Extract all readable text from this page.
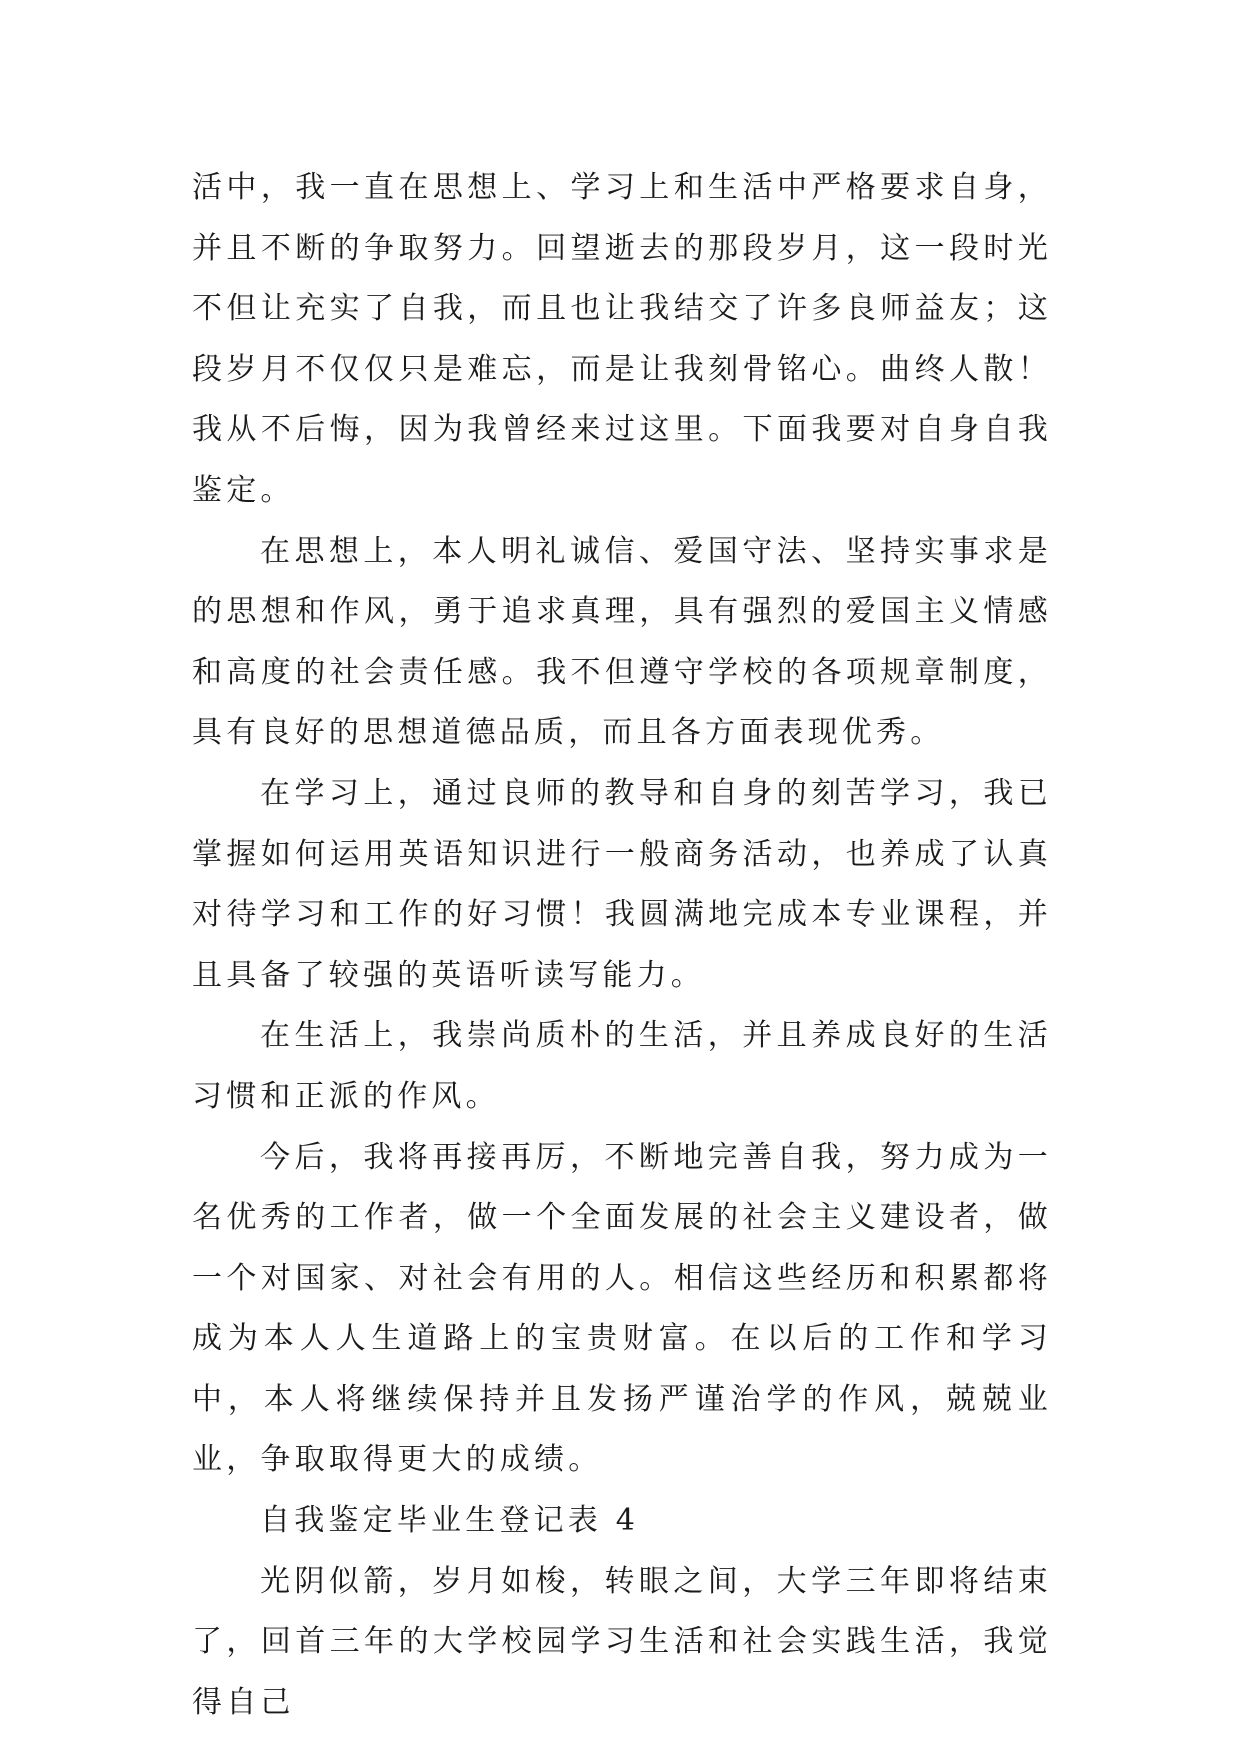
活中，我一直在思想上、学习上和生活中严格要求自身，并且不断的争取努力。回望逝去的那段岁月，这一段时光不但让充实了自我，而且也让我结交了许多良师益友；这段岁月不仅仅只是难忘，而是让我刻骨铭心。曲终人散！我从不后悔，因为我曾经来过这里。下面我要对自身自我鉴定。

在思想上，本人明礼诚信、爱国守法、坚持实事求是的思想和作风，勇于追求真理，具有强烈的爱国主义情感和高度的社会责任感。我不但遵守学校的各项规章制度，具有良好的思想道德品质，而且各方面表现优秀。

在学习上，通过良师的教导和自身的刻苦学习，我已掌握如何运用英语知识进行一般商务活动，也养成了认真对待学习和工作的好习惯！我圆满地完成本专业课程，并且具备了较强的英语听读写能力。

在生活上，我崇尚质朴的生活，并且养成良好的生活习惯和正派的作风。

今后，我将再接再厉，不断地完善自我，努力成为一名优秀的工作者，做一个全面发展的社会主义建设者，做一个对国家、对社会有用的人。相信这些经历和积累都将成为本人人生道路上的宝贵财富。在以后的工作和学习中，本人将继续保持并且发扬严谨治学的作风，兢兢业业，争取取得更大的成绩。

自我鉴定毕业生登记表 4

光阴似箭，岁月如梭，转眼之间，大学三年即将结束了，回首三年的大学校园学习生活和社会实践生活，我觉得自己
